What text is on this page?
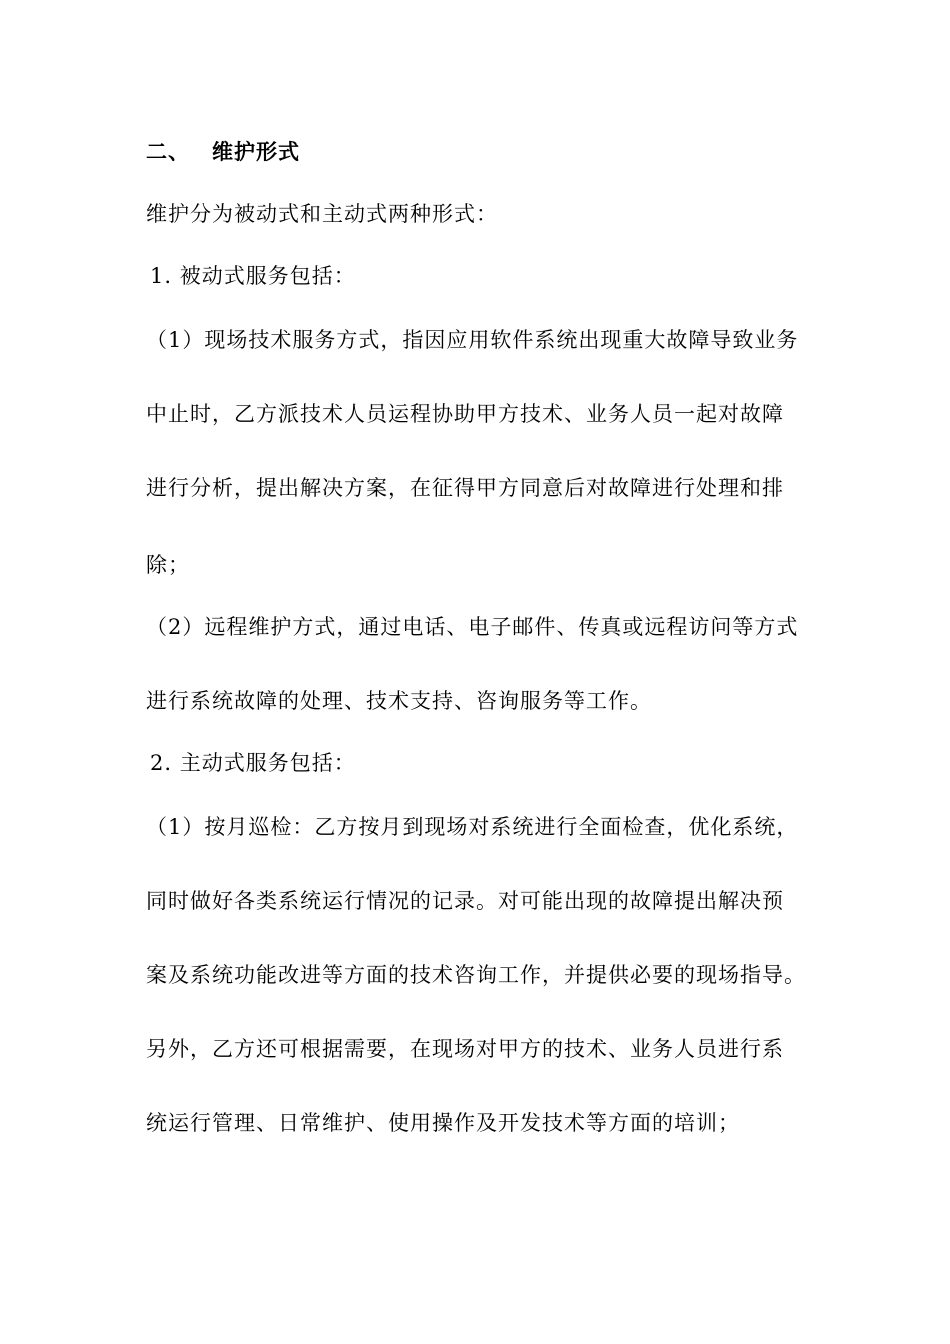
二、 维护形式

维护分为被动式和主动式两种形式：

1. 被动式服务包括：

（1）现场技术服务方式，指因应用软件系统出现重大故障导致业务

中止时，乙方派技术人员运程协助甲方技术、业务人员一起对故障

进行分析，提出解决方案，在征得甲方同意后对故障进行处理和排

除；

（2）远程维护方式，通过电话、电子邮件、传真或远程访问等方式

进行系统故障的处理、技术支持、咨询服务等工作。

2. 主动式服务包括：

（1）按月巡检：乙方按月到现场对系统进行全面检查，优化系统，

同时做好各类系统运行情况的记录。对可能出现的故障提出解决预

案及系统功能改进等方面的技术咨询工作，并提供必要的现场指导。

另外，乙方还可根据需要，在现场对甲方的技术、业务人员进行系

统运行管理、日常维护、使用操作及开发技术等方面的培训；
